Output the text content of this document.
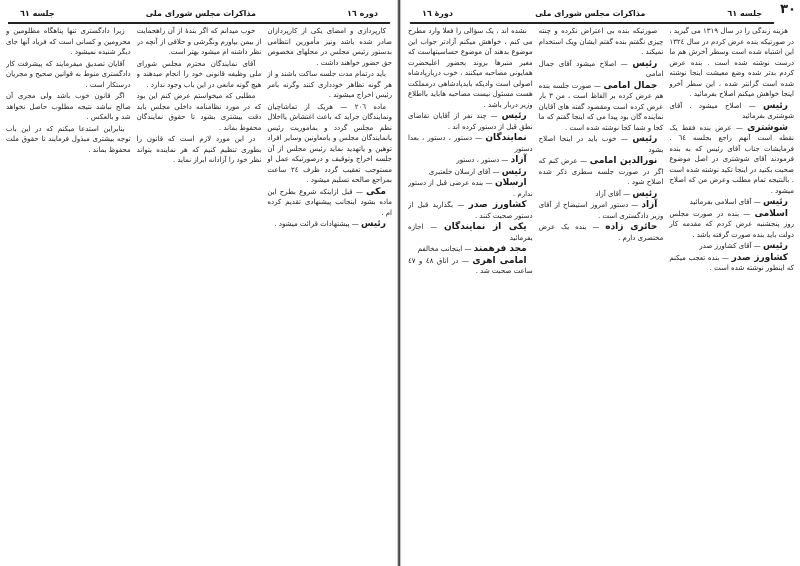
دوره ١٦
مذاکرات مجلس شورای ملی
جلسه ٦١

کارپردازی و امضای یکی از کارپردازان صادر شده باشد ونیز مأمورین انتظامی بدستور رئیس مجلس در محلهای مخصوص حق حضور خواهند داشت .

باید درتمام مدت جلسه ساکت باشند و از هر گونه تظاهر خودداری کنند وگرنه بامر رئیس اخراج میشوند .

ماده ٢٠٦ — هریک از تماشاچیان ونمایندگان جراید که باعث اغتشاش یااخلال نظم مجلس گردد و بماموریت رئیس یانمایندگان مجلس و یامعاونین وسایر افراد توهین و یاتهدید نماید رئیس مجلس از آن جلسه اخراج وتوقیف و درصورتیکه عمل او مستوجب تعقیب گردد ظرف ٢٤ ساعت بمراجع صالحه تسلیم میشود .

مکی — قبل ازاینکه شروع بطرح این ماده بشود اینجانب پیشنهادی تقدیم کرده ام .

رئیس — پیشنهادات قرائت میشود .

خوب میدانم که اگر بندهٔ از آن راهحمایت از بیمن بپاورم ونگرشی و حلافی از آنچه در نظر داشته ام میشود بهتر است.

آقای نمایندگان محترم مجلس شورای ملی وظیفه قانونی خود را انجام میدهند و هیچ گونه مانعی در این باب وجود ندارد .

مطلبی که میخواستم عرض کنم این بود که در مورد نظامنامه داخلی مجلس باید دقت بیشتری بشود تا حقوق نمایندگان محفوظ بماند .

در این مورد لازم است که قانون را بطوری تنظیم کنیم که هر نماینده بتواند نظر خود را آزادانه ابراز نماید .

زیرا دادگستری تنها پناهگاه مظلومین و محرومین و کسانی است که فریاد آنها جای دیگر شنیده نمیشود .

آقایان تصدیق میفرمایند که پیشرفت کار دادگستری منوط به قوانین صحیح و مجریان درستکار است .

اگر قانون خوب باشد ولی مجری آن صالح نباشد نتیجه مطلوب حاصل نخواهد شد و بالعکس .

بنابراین استدعا میکنم که در این باب توجه بیشتری مبذول فرمایند تا حقوق ملت محفوظ بماند .

٣٠
جلسه ٦١
مذاکرات مجلس شورای ملی
دورهٔ ١٦

هزینه زندگی را در سال ١٣١٩ می گیرید ، در صورتیکه بنده عرض کردم در سال ١٣٢٤ این اشتباه شده است وسطر آخرش هم ما درست نوشته شده است . بنده عرض کردم بدتر شده وضع معیشت اینجا نوشته شده است گرانتر شده ، این سطر آخرو اینجا خواهش میکنم اصلاح بفرمائید .

رئیس — اصلاح میشود . آقای شوشتری بفرمائید

شوشتری — عرض بنده فقط یک نقطه است آنهم راجع بجلسه ٦٤ . فرمایشات جناب آقای رئیس که به بنده فرمودند آقای شوشتری در اصل موضوع صحبت بکنید در اینجا تکید نوشته شده است . بالنتیجه تمام مطلب وعرض من که اصلاح میشود .

رئیس — آقای اسلامی بفرمائید

اسلامی — بنده در صورت مجلس روز پنجشنبه عرض کردم که مقدمه کار دولت باید بنده صورت گرفته باشد .

رئیس — آقای کشاورز صدر

کشاورز صدر — بنده تعجب میکنم که اینطور نوشته شده است .

صورتیکه بنده بی اعتراض نکرده و چنته چیزی نگفتم بنده گفتم ایشان ویک استخدام نمیکند .

رئیس — اصلاح میشود آقای جمال امامی

جمال امامی — صورت جلسه بنده هم عرض کرده بر الفاظ است ، من ٣ بار عرض کرده است ومقصود گفته های آقایان نماینده گان بود پیدا می که اینجا گفتم که ما کجا و شما کجا نوشته شده است .

رئیس — خوب باید در اینجا اصلاح بشود

نورالدین امامی — عرض کنم که اگر در صورت جلسه سطری ذکر شده اصلاح شود .

رئیس — آقای آزاد

آزاد — دستور امروز استیضاح از آقای وزیر دادگستری است .

حائری زاده — بنده یک عرض مختصری دارم .

نشده اند ، یک سؤالی را فعلا وارد مطرح می کنم ، خواهش میکنم آزادتر جواب این موضوع بدهند آن موضوع حساسیتهاست که مغیر منبرها بروند بحضور اعلیحضرت همایونی مصاحبه میکنند ، خوب دربارپادشاه اصولی است وادیکه بایدپادشاهی درمملکت هست مسئول نیست مصاحبه هاباید بااطلاع وزیر دربار باشد .

رئیس — چند نفر از آقایان تقاضای نطق قبل از دستور کرده اند .

نمایندگان — دستور ، دستور ، بعدا دستور

آزاد — دستور ، دستور

رئیس — آقای ارسلان خلعتبری

ارسلان — بنده عرضی قبل از دستور ندارم .

کشاورز صدر — بگذارید قبل از دستور صحبت کنند .

یکی از نمایندگان — اجازه بفرمائید

مجد فرهمند — اینجانب مخالفم

امامی اهری — در اتاق ٤٨ و ٤٧ ساعت صحبت شد .
